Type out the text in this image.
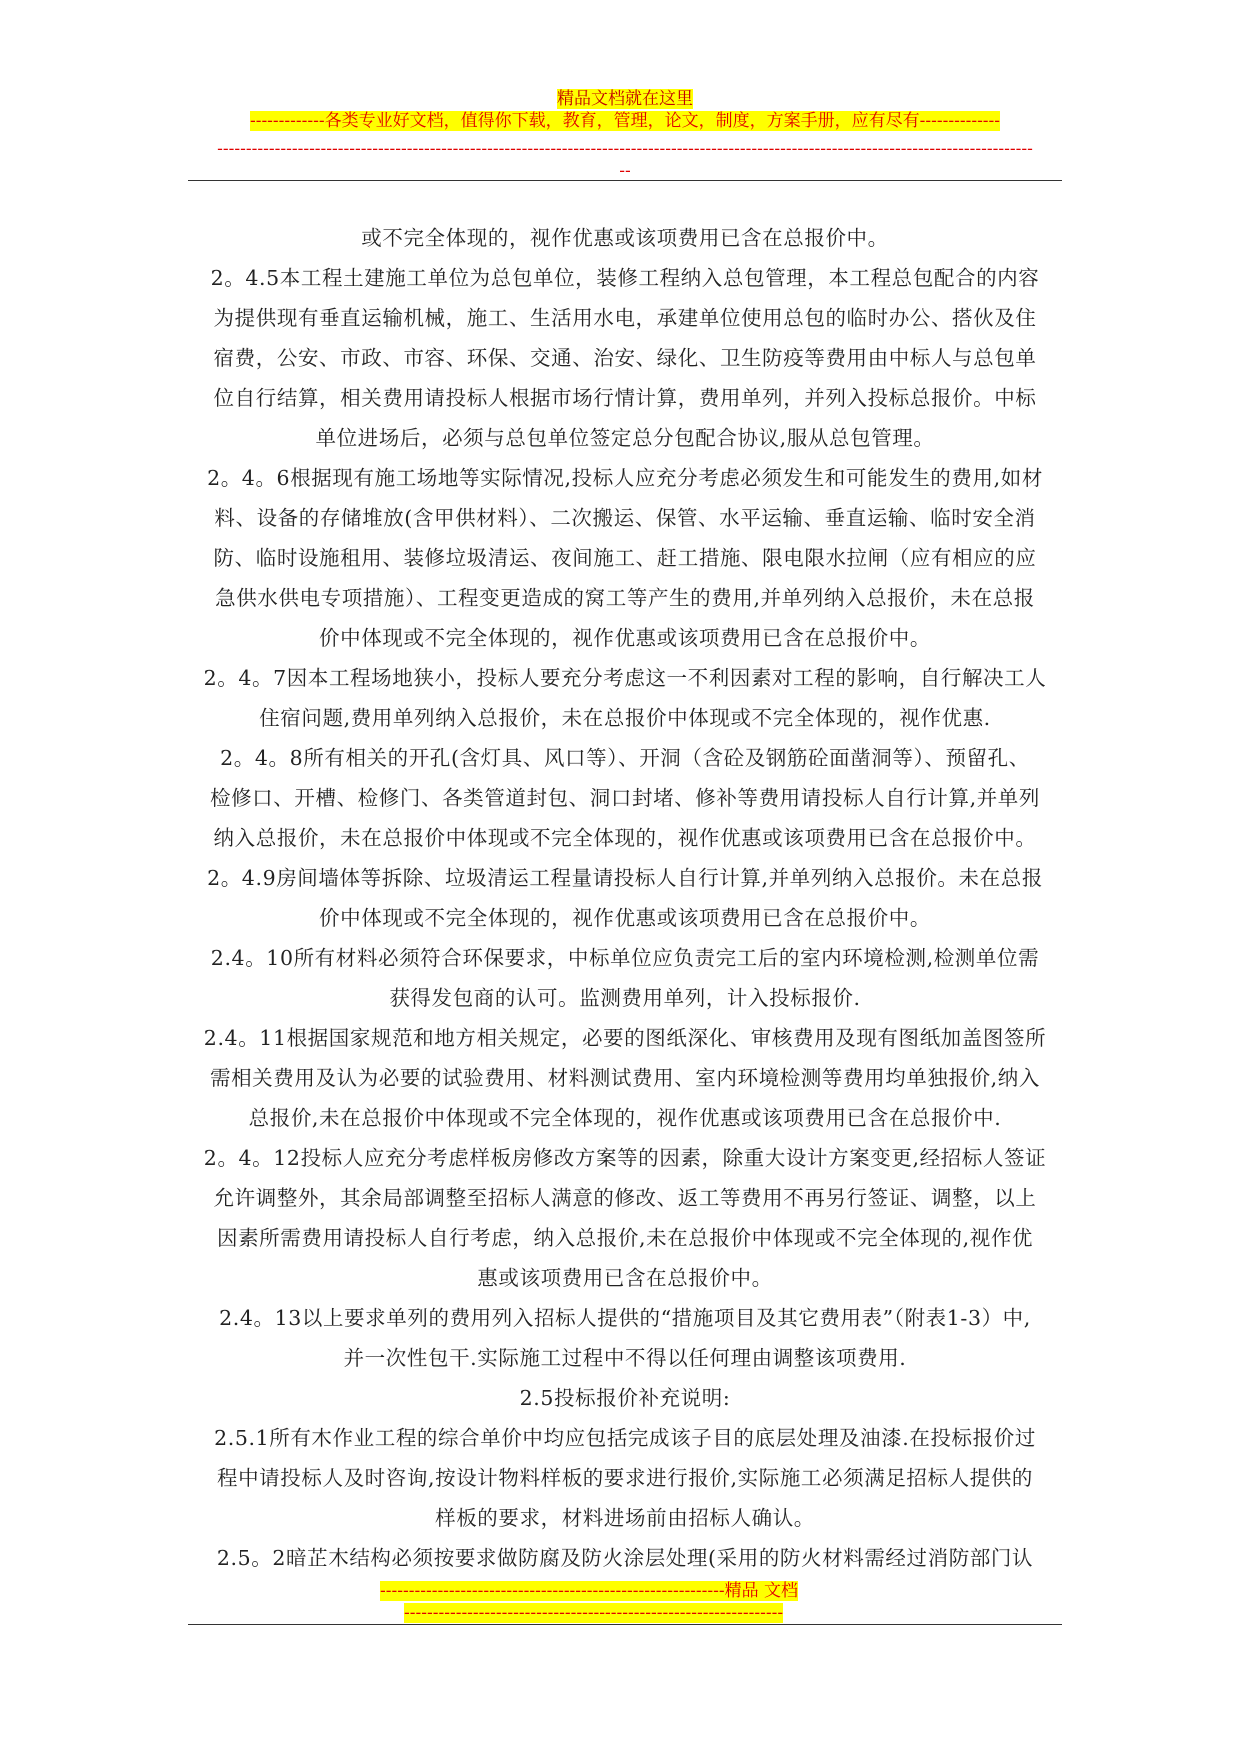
精品文档就在这里
-------------各类专业好文档，值得你下载，教育，管理，论文，制度，方案手册，应有尽有--------------
----------------------------------------------------------------------------------------------------------------------------------------------
--

或不完全体现的，视作优惠或该项费用已含在总报价中。

2。4.5本工程土建施工单位为总包单位，装修工程纳入总包管理，本工程总包配合的内容

为提供现有垂直运输机械，施工、生活用水电，承建单位使用总包的临时办公、搭伙及住

宿费，公安、市政、市容、环保、交通、治安、绿化、卫生防疫等费用由中标人与总包单

位自行结算，相关费用请投标人根据市场行情计算，费用单列，并列入投标总报价。中标

单位进场后，必须与总包单位签定总分包配合协议,服从总包管理。

2。4。6根据现有施工场地等实际情况,投标人应充分考虑必须发生和可能发生的费用,如材

料、设备的存储堆放(含甲供材料）、二次搬运、保管、水平运输、垂直运输、临时安全消

防、临时设施租用、装修垃圾清运、夜间施工、赶工措施、限电限水拉闸（应有相应的应

急供水供电专项措施）、工程变更造成的窝工等产生的费用,并单列纳入总报价，未在总报

价中体现或不完全体现的，视作优惠或该项费用已含在总报价中。

2。4。7因本工程场地狭小，投标人要充分考虑这一不利因素对工程的影响，自行解决工人

住宿问题,费用单列纳入总报价，未在总报价中体现或不完全体现的，视作优惠.

2。4。8所有相关的开孔(含灯具、风口等）、开洞（含砼及钢筋砼面凿洞等）、预留孔、

检修口、开槽、检修门、各类管道封包、洞口封堵、修补等费用请投标人自行计算,并单列

纳入总报价，未在总报价中体现或不完全体现的，视作优惠或该项费用已含在总报价中。

2。4.9房间墙体等拆除、垃圾清运工程量请投标人自行计算,并单列纳入总报价。未在总报

价中体现或不完全体现的，视作优惠或该项费用已含在总报价中。

2.4。10所有材料必须符合环保要求，中标单位应负责完工后的室内环境检测,检测单位需

获得发包商的认可。监测费用单列，计入投标报价.

2.4。11根据国家规范和地方相关规定，必要的图纸深化、审核费用及现有图纸加盖图签所

需相关费用及认为必要的试验费用、材料测试费用、室内环境检测等费用均单独报价,纳入

总报价,未在总报价中体现或不完全体现的，视作优惠或该项费用已含在总报价中.

2。4。12投标人应充分考虑样板房修改方案等的因素，除重大设计方案变更,经招标人签证

允许调整外，其余局部调整至招标人满意的修改、返工等费用不再另行签证、调整，以上

因素所需费用请投标人自行考虑，纳入总报价,未在总报价中体现或不完全体现的,视作优

惠或该项费用已含在总报价中。

2.4。13以上要求单列的费用列入招标人提供的“措施项目及其它费用表”（附表1-3）中,

并一次性包干.实际施工过程中不得以任何理由调整该项费用.

2.5投标报价补充说明:

2.5.1所有木作业工程的综合单价中均应包括完成该子目的底层处理及油漆.在投标报价过

程中请投标人及时咨询,按设计物料样板的要求进行报价,实际施工必须满足招标人提供的

样板的要求，材料进场前由招标人确认。

2.5。2暗芷木结构必须按要求做防腐及防火涂层处理(采用的防火材料需经过消防部门认

------------------------------------------------------------精品 文档
------------------------------------------------------------------
